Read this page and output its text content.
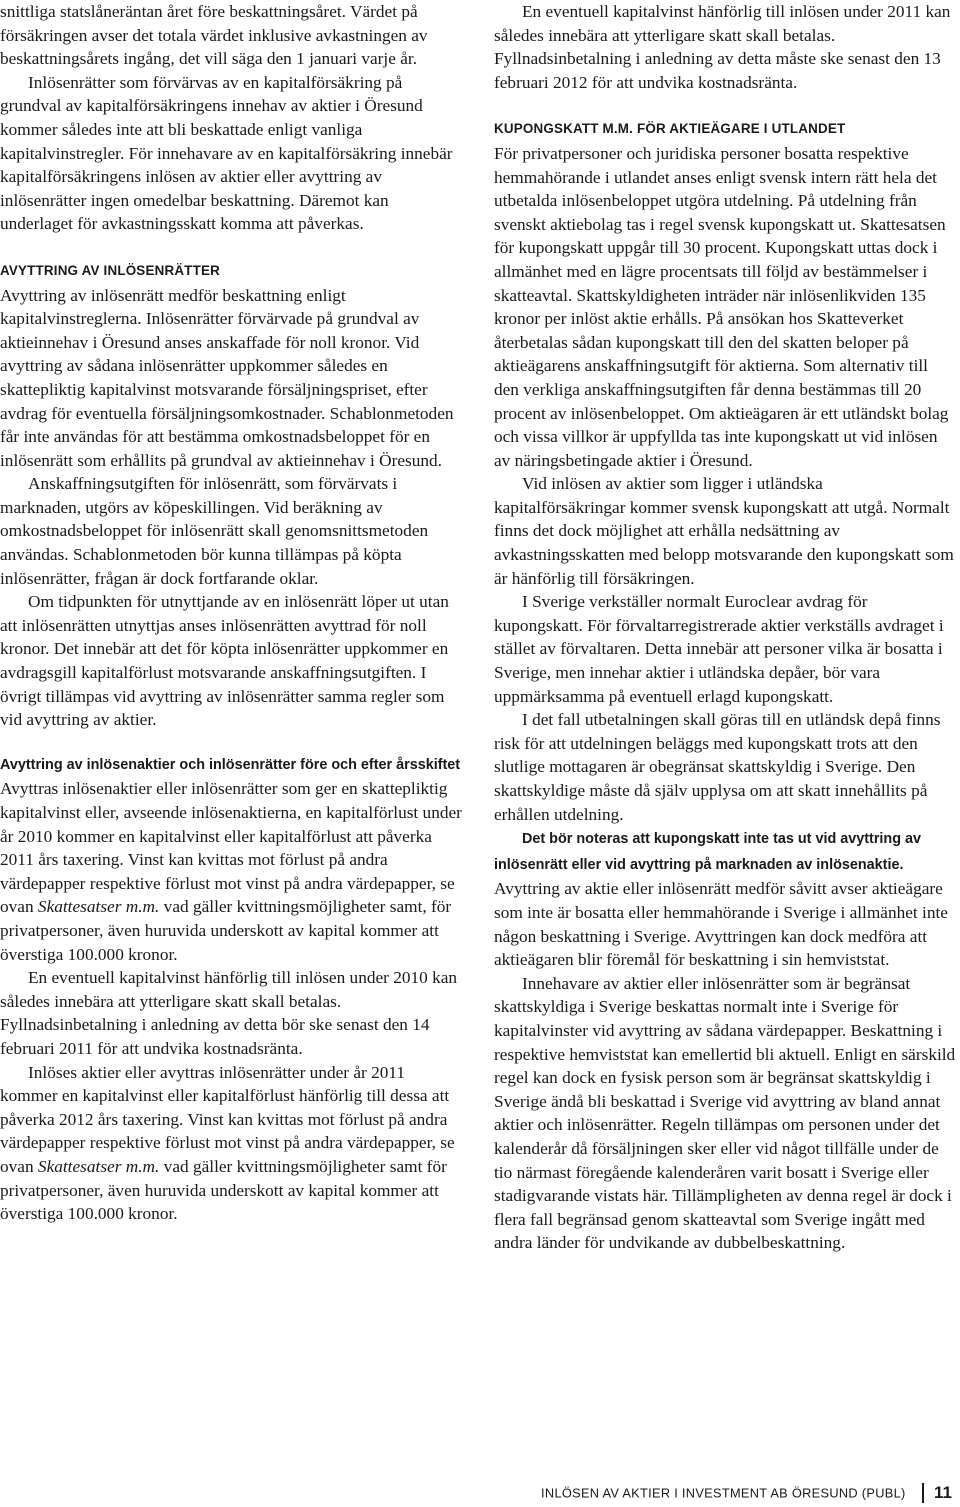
snittliga statslåneräntan året före beskattningsåret. Värdet på försäkringen avser det totala värdet inklusive avkastningen av beskattningsårets ingång, det vill säga den 1 januari varje år.

Inlösenrätter som förvärvas av en kapitalförsäkring på grundval av kapitalförsäkringens innehav av aktier i Öresund kommer således inte att bli beskattade enligt vanliga kapitalvinstregler. För innehavare av en kapitalförsäkring innebär kapitalförsäkringens inlösen av aktier eller avyttring av inlösenrätter ingen omedelbar beskattning. Däremot kan underlaget för avkastningsskatt komma att påverkas.

AVYTTRING AV INLÖSENRÄTTER

Avyttring av inlösenrätt medför beskattning enligt kapitalvinstreglerna. Inlösenrätter förvärvade på grundval av aktieinnehav i Öresund anses anskaffade för noll kronor. Vid avyttring av sådana inlösenrätter uppkommer således en skattepliktig kapitalvinst motsvarande försäljningspriset, efter avdrag för eventuella försäljningsomkostnader. Schablonmetoden får inte användas för att bestämma omkostnadsbeloppet för en inlösenrätt som erhållits på grundval av aktieinnehav i Öresund.

Anskaffningsutgiften för inlösenrätt, som förvärvats i marknaden, utgörs av köpeskillingen. Vid beräkning av omkostnadsbeloppet för inlösenrätt skall genomsnittsmetoden användas. Schablonmetoden bör kunna tillämpas på köpta inlösenrätter, frågan är dock fortfarande oklar.

Om tidpunkten för utnyttjande av en inlösenrätt löper ut utan att inlösenrätten utnyttjas anses inlösenrätten avyttrad för noll kronor. Det innebär att det för köpta inlösenrätter uppkommer en avdragsgill kapitalförlust motsvarande anskaffningsutgiften. I övrigt tillämpas vid avyttring av inlösenrätter samma regler som vid avyttring av aktier.

Avyttring av inlösenaktier och inlösenrätter före och efter årsskiftet

Avyttras inlösenaktier eller inlösenrätter som ger en skattepliktig kapitalvinst eller, avseende inlösenaktierna, en kapitalförlust under år 2010 kommer en kapitalvinst eller kapitalförlust att påverka 2011 års taxering. Vinst kan kvittas mot förlust på andra värdepapper respektive förlust mot vinst på andra värdepapper, se ovan Skattesatser m.m. vad gäller kvittningsmöjligheter samt, för privatpersoner, även huruvida underskott av kapital kommer att överstiga 100.000 kronor.

En eventuell kapitalvinst hänförlig till inlösen under 2010 kan således innebära att ytterligare skatt skall betalas. Fyllnadsinbetalning i anledning av detta bör ske senast den 14 februari 2011 för att undvika kostnadsränta.

Inlöses aktier eller avyttras inlösenrätter under år 2011 kommer en kapitalvinst eller kapitalförlust hänförlig till dessa att påverka 2012 års taxering. Vinst kan kvittas mot förlust på andra värdepapper respektive förlust mot vinst på andra värdepapper, se ovan Skattesatser m.m. vad gäller kvittningsmöjligheter samt för privatpersoner, även huruvida underskott av kapital kommer att överstiga 100.000 kronor.

En eventuell kapitalvinst hänförlig till inlösen under 2011 kan således innebära att ytterligare skatt skall betalas. Fyllnadsinbetalning i anledning av detta måste ske senast den 13 februari 2012 för att undvika kostnadsränta.

KUPONGSKATT M.M. FÖR AKTIEÄGARE I UTLANDET

För privatpersoner och juridiska personer bosatta respektive hemmahörande i utlandet anses enligt svensk intern rätt hela det utbetalda inlösenbeloppet utgöra utdelning. På utdelning från svenskt aktiebolag tas i regel svensk kupongskatt ut. Skattesatsen för kupongskatt uppgår till 30 procent. Kupongskatt uttas dock i allmänhet med en lägre procentsats till följd av bestämmelser i skatteavtal. Skattskyldigheten inträder när inlösenlikviden 135 kronor per inlöst aktie erhålls. På ansökan hos Skatteverket återbetalas sådan kupongskatt till den del skatten beloper på aktieägarens anskaffningsutgift för aktierna. Som alternativ till den verkliga anskaffningsutgiften får denna bestämmas till 20 procent av inlösenbeloppet. Om aktieägaren är ett utländskt bolag och vissa villkor är uppfyllda tas inte kupongskatt ut vid inlösen av näringsbetingade aktier i Öresund.

Vid inlösen av aktier som ligger i utländska kapitalförsäkringar kommer svensk kupongskatt att utgå. Normalt finns det dock möjlighet att erhålla nedsättning av avkastningsskatten med belopp motsvarande den kupongskatt som är hänförlig till försäkringen.

I Sverige verkställer normalt Euroclear avdrag för kupongskatt. För förvaltarregistrerade aktier verkställs avdraget i stället av förvaltaren. Detta innebär att personer vilka är bosatta i Sverige, men innehar aktier i utländska depåer, bör vara uppmärksamma på eventuell erlagd kupongskatt.

I det fall utbetalningen skall göras till en utländsk depå finns risk för att utdelningen beläggs med kupongskatt trots att den slutlige mottagaren är obegränsat skattskyldig i Sverige. Den skattskyldige måste då själv upplysa om att skatt innehållits på erhållen utdelning.

Det bör noteras att kupongskatt inte tas ut vid avyttring av inlösenrätt eller vid avyttring på marknaden av inlösenaktie. Avyttring av aktie eller inlösenrätt medför såvitt avser aktieägare som inte är bosatta eller hemmahörande i Sverige i allmänhet inte någon beskattning i Sverige. Avyttringen kan dock medföra att aktieägaren blir föremål för beskattning i sin hemviststat.

Innehavare av aktier eller inlösenrätter som är begränsat skattskyldiga i Sverige beskattas normalt inte i Sverige för kapitalvinster vid avyttring av sådana värdepapper. Beskattning i respektive hemviststat kan emellertid bli aktuell. Enligt en särskild regel kan dock en fysisk person som är begränsat skattskyldig i Sverige ändå bli beskattad i Sverige vid avyttring av bland annat aktier och inlösenrätter. Regeln tillämpas om personen under det kalenderår då försäljningen sker eller vid något tillfälle under de tio närmast föregående kalenderåren varit bosatt i Sverige eller stadigvarande vistats här. Tillämpligheten av denna regel är dock i flera fall begränsad genom skatteavtal som Sverige ingått med andra länder för undvikande av dubbelbeskattning.

INLÖSEN AV AKTIER I INVESTMENT AB ÖRESUND (PUBL) 11
